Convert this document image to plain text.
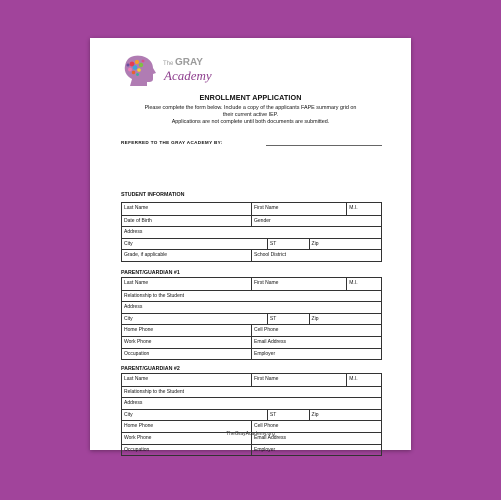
The GRAY
Academy
ENROLLMENT APPLICATION
Please complete the form below. Include a copy of the applicants FAPE summary grid on
their current active IEP.
Applications are not complete until both documents are submitted.
REFERRED TO THE GRAY ACADEMY BY:
TheGrayAcademy.org
STUDENT INFORMATION
Last Name	First Name	M.I.
Date of Birth	Gender
Address
City	ST	Zip
Grade, if applicable	School District
PARENT/GUARDIAN #1
Last Name	First Name	M.I.
Relationship to the Student
Address
City	ST	Zip
Home Phone	Cell Phone
Work Phone	Email Address
Occupation	Employer
PARENT/GUARDIAN #2
Last Name	First Name	M.I.
Relationship to the Student
Address
City	ST	Zip
Home Phone	Cell Phone
Work Phone	Email Address
Occupation	Employer
